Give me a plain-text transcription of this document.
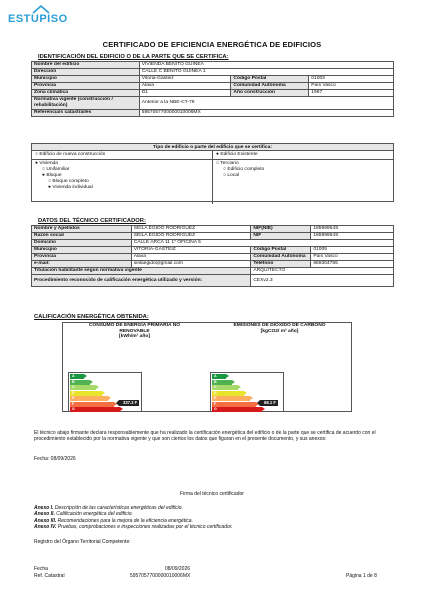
ESTUPISO
CERTIFICADO DE EFICIENCIA ENERGÉTICA DE EDIFICIOS
IDENTIFICACIÓN DEL EDIFICIO O DE LA PARTE QUE SE CERTIFICA:
Nombre del edificio	VIVIENDA BENITO GUINEA		
Dirección	CALLE C BENITO GUINEA 1		
Municipio	Vitoria-Gasteiz	Código Postal	01003
Provincia	Álava	Comunidad Autónoma	País Vasco
Zona climática	D1	Año construcción	1967
Normativa vigente (construcción / rehabilitación)	Anterior a la NBE-CT-79		
Referencia/s catastral/es	5957057700000010006MX		
Tipo de edificio o parte del edificio que se certifica:
○ Edificio de nueva construcción	● Edificio Existente
● Vivienda
○ Unifamiliar
● Bloque
○ Bloque completo
● Vivienda individual
○ Terciario
○ Edificio completo
○ Local
DATOS DEL TÉCNICO CERTIFICADOR:
Nombre y Apellidos	SEILA EGIDO RODRIGUEZ	NIF(NIE)	18599954S
Razón social	SEILA EGIDO RODRIGUEZ	NIF	18599954S
Domicilio	CALLE ARCA 11 1º OFICINA 5		
Municipio	VITORIA-GASTEIZ	Código Postal	01005
Provincia	Álava	Comunidad Autónoma	País Vasco
e-mail:	seilaegido@gmail.com	Teléfono	659304755
Titulación habilitante según normativa vigente		ARQUITECTO	
Procedimiento reconocido de calificación energética utilizado y versión:		CEXv2.3	
CALIFICACIÓN ENERGÉTICA OBTENIDA:
CONSUMO DE ENERGÍA PRIMARIA NO RENOVABLE
[kWh/m² año]
EMISIONES DE DIÓXIDO DE CARBONO
[kgCO2/ m² año]
A
B
C
D
E
F
G
A
B
C
D
E
F
G
337.3 F	68.1 F
El técnico abajo firmante declara responsablemente que ha realizado la certificación energética del edificio o de la parte que se certifica de acuerdo con el procedimiento establecido por la normativa vigente y que son ciertos los datos que figuran en el presente documento, y sus anexos:
Fecha: 08/09/2026
Firma del técnico certificador
Anexo I. Descripción de las características energéticas del edificio.
Anexo II. Calificación energética del edificio.
Anexo III. Recomendaciones para la mejora de la eficiencia energética.
Anexo IV. Pruebas, comprobaciones e inspecciones realizadas por el técnico certificador.
Registro del Órgano Territorial Competente:
Fecha
Ref. Catastral
08/09/2026
5957057700000010006MX	Página 1 de 8
